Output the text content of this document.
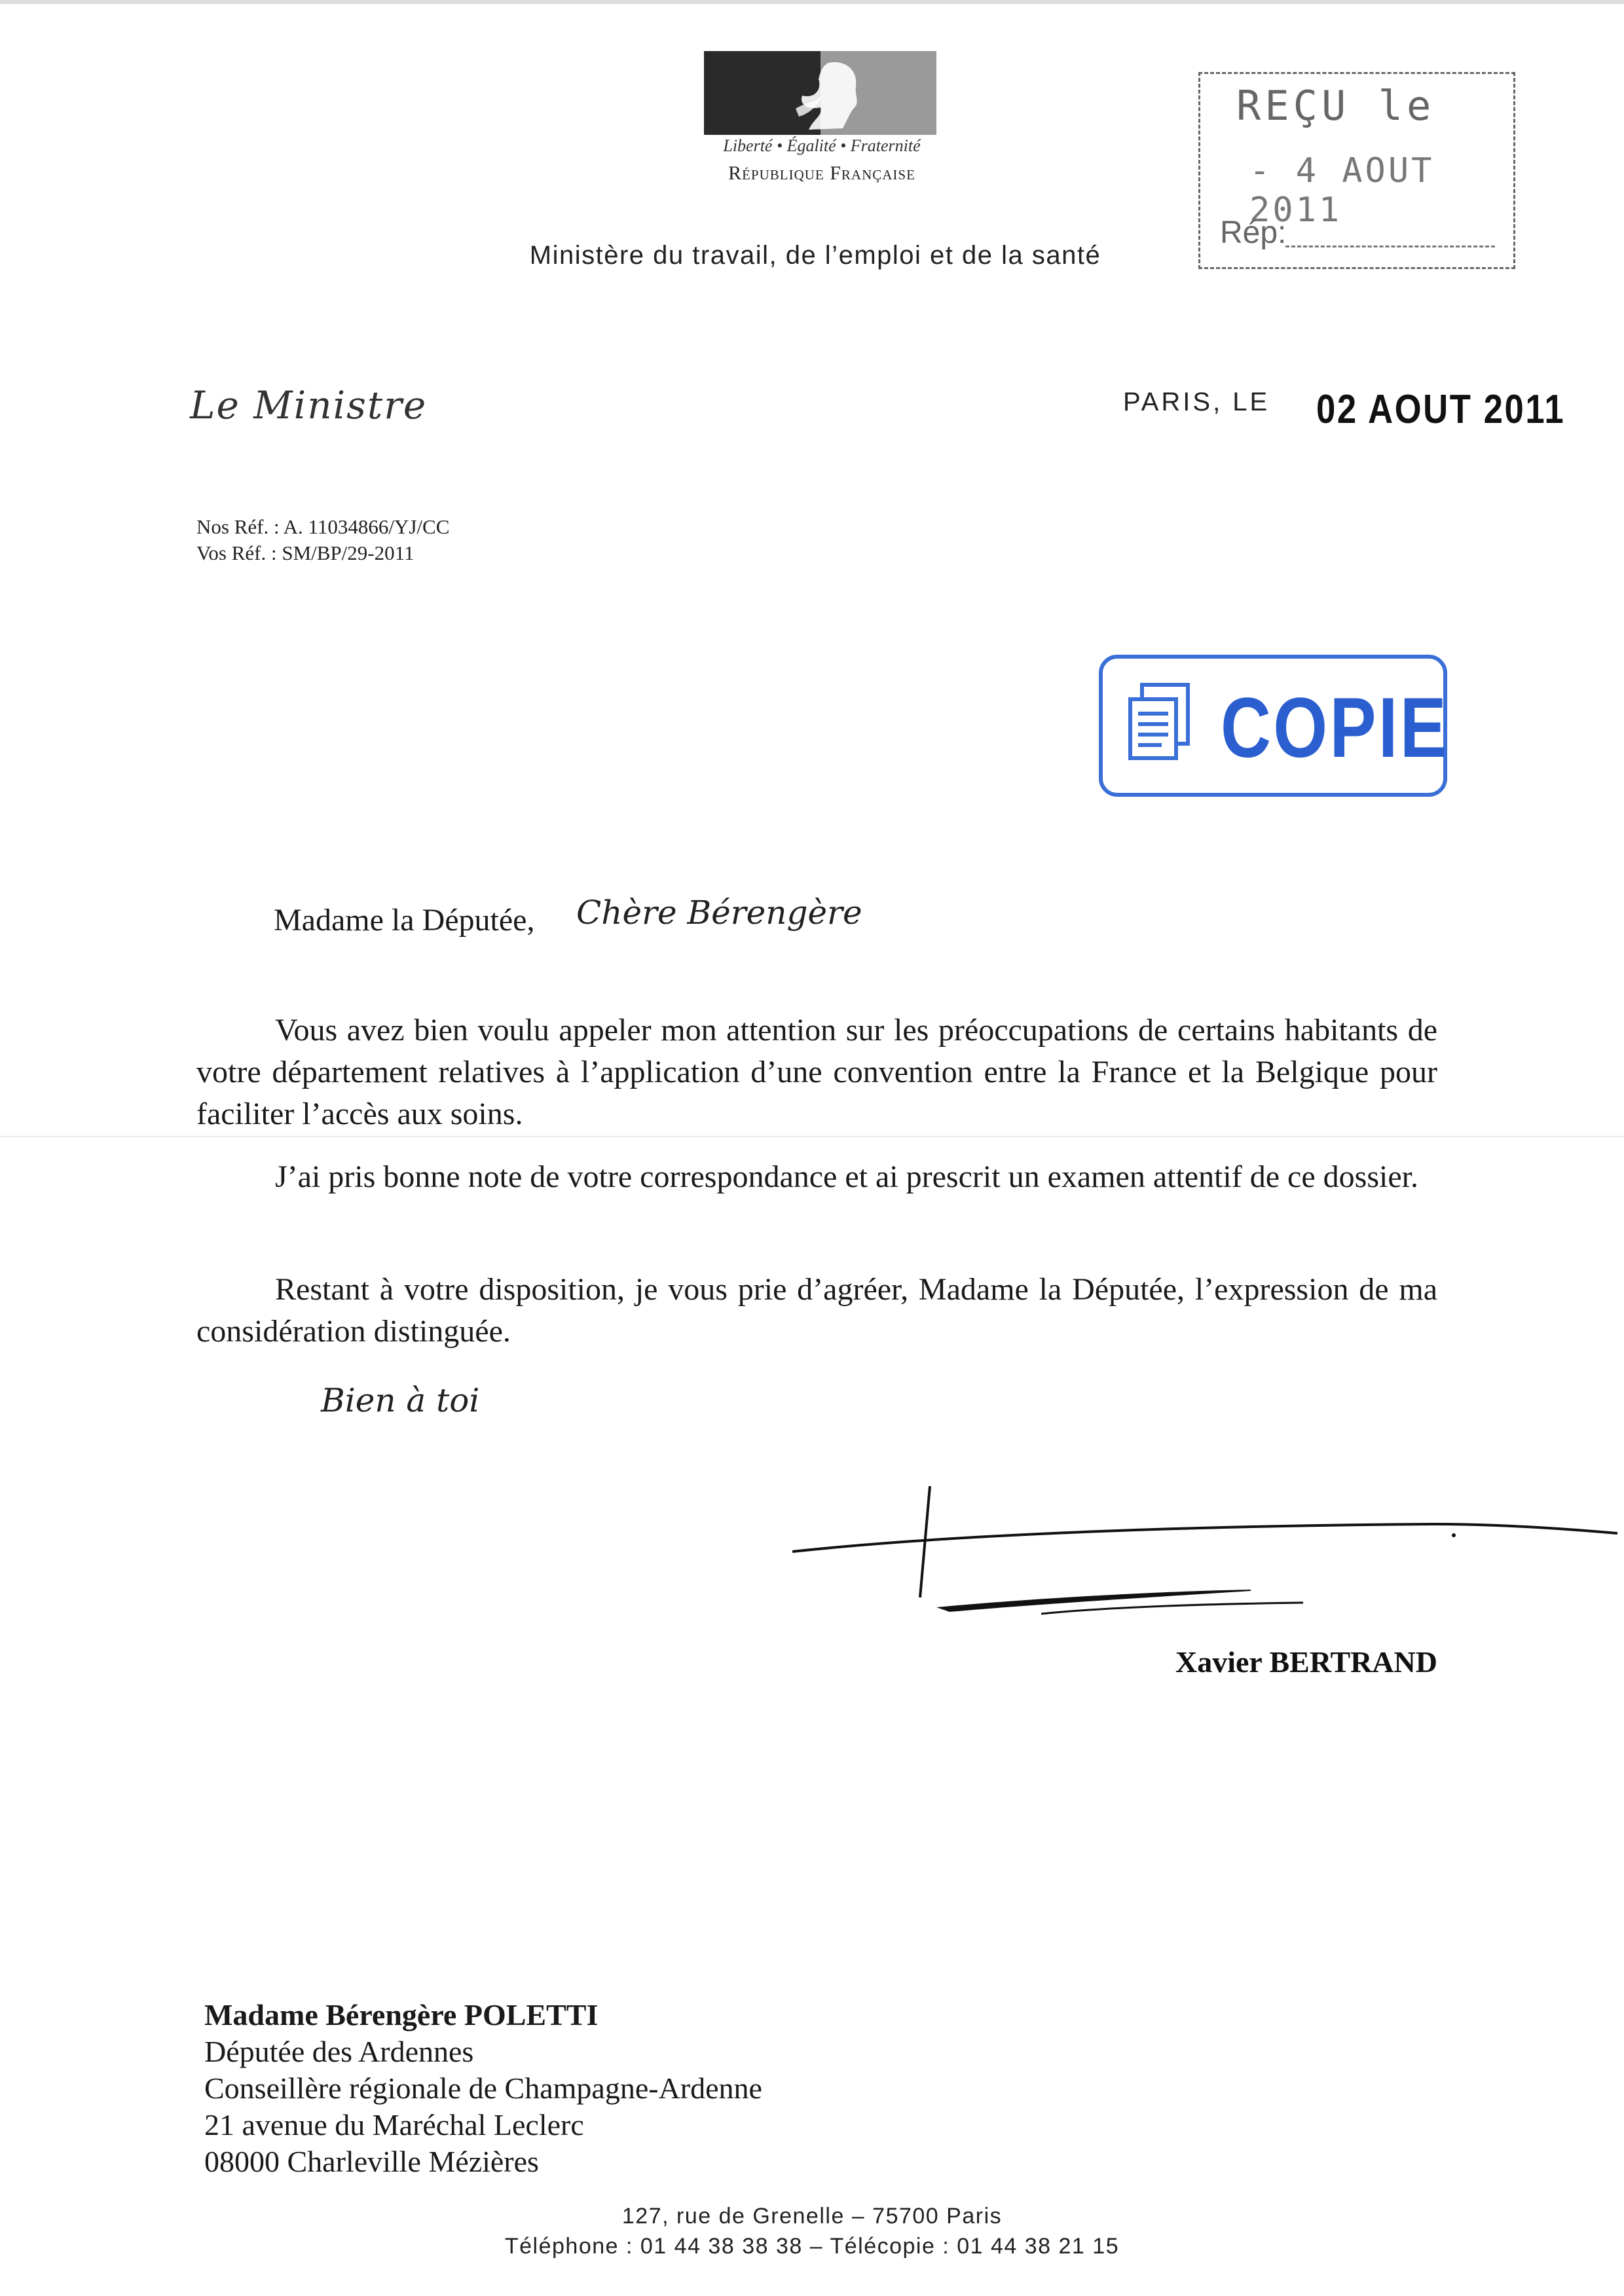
Liberté • Égalité • Fraternité
République Française
Ministère du travail, de l’emploi et de la santé
REÇU le
- 4 AOUT 2011
Rép:
Le Ministre	PARIS, LE 02 AOUT 2011
Nos Réf. : A. 11034866/YJ/CC
Vos Réf. : SM/BP/29-2011
COPIE
Madame la Députée, Chère Bérengère
Vous avez bien voulu appeler mon attention sur les préoccupations de certains habitants de votre département relatives à l’application d’une convention entre la France et la Belgique pour faciliter l’accès aux soins.
J’ai pris bonne note de votre correspondance et ai prescrit un examen attentif de ce dossier.
Restant à votre disposition, je vous prie d’agréer, Madame la Députée, l’expression de ma considération distinguée.
Bien à toi
Xavier BERTRAND
Madame Bérengère POLETTI
Députée des Ardennes
Conseillère régionale de Champagne-Ardenne
21 avenue du Maréchal Leclerc
08000 Charleville Mézières
127, rue de Grenelle – 75700 Paris
Téléphone : 01 44 38 38 38 – Télécopie : 01 44 38 21 15
